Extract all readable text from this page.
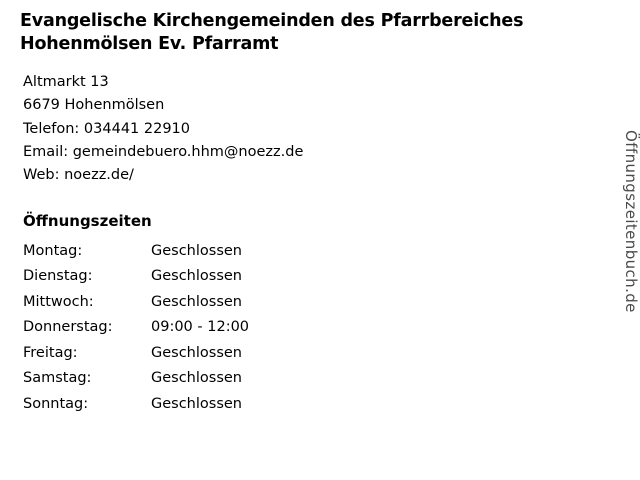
Evangelische Kirchengemeinden des Pfarrbereiches Hohenmölsen Ev. Pfarramt

Altmarkt 13

6679 Hohenmölsen

Telefon: 034441 22910

Email: gemeindebuero.hhm@noezz.de

Web: noezz.de/

Öffnungszeiten
Montag:	Geschlossen
Dienstag:	Geschlossen
Mittwoch:	Geschlossen
Donnerstag:	09:00 - 12:00
Freitag:	Geschlossen
Samstag:	Geschlossen
Sonntag:	Geschlossen
Öffnungszeitenbuch.de
